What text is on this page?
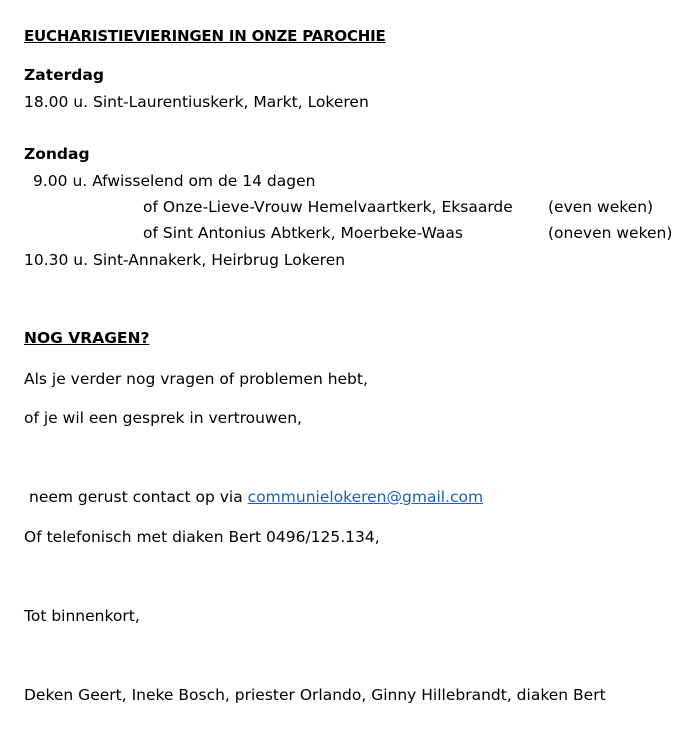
EUCHARISTIEVIERINGEN IN ONZE PAROCHIE
Zaterdag
18.00 u. Sint-Laurentiuskerk, Markt, Lokeren
Zondag
9.00 u. Afwisselend om de 14 dagen
of Onze-Lieve-Vrouw Hemelvaartkerk, Eksaarde (even weken)
of Sint Antonius Abtkerk, Moerbeke-Waas	(oneven weken)
10.30 u. Sint-Annakerk, Heirbrug Lokeren
NOG VRAGEN?
Als je verder nog vragen of problemen hebt,
of je wil een gesprek in vertrouwen,
neem gerust contact op via communielokeren@gmail.com
Of telefonisch met diaken Bert 0496/125.134,
Tot binnenkort,
Deken Geert, Ineke Bosch, priester Orlando, Ginny Hillebrandt, diaken Bert
